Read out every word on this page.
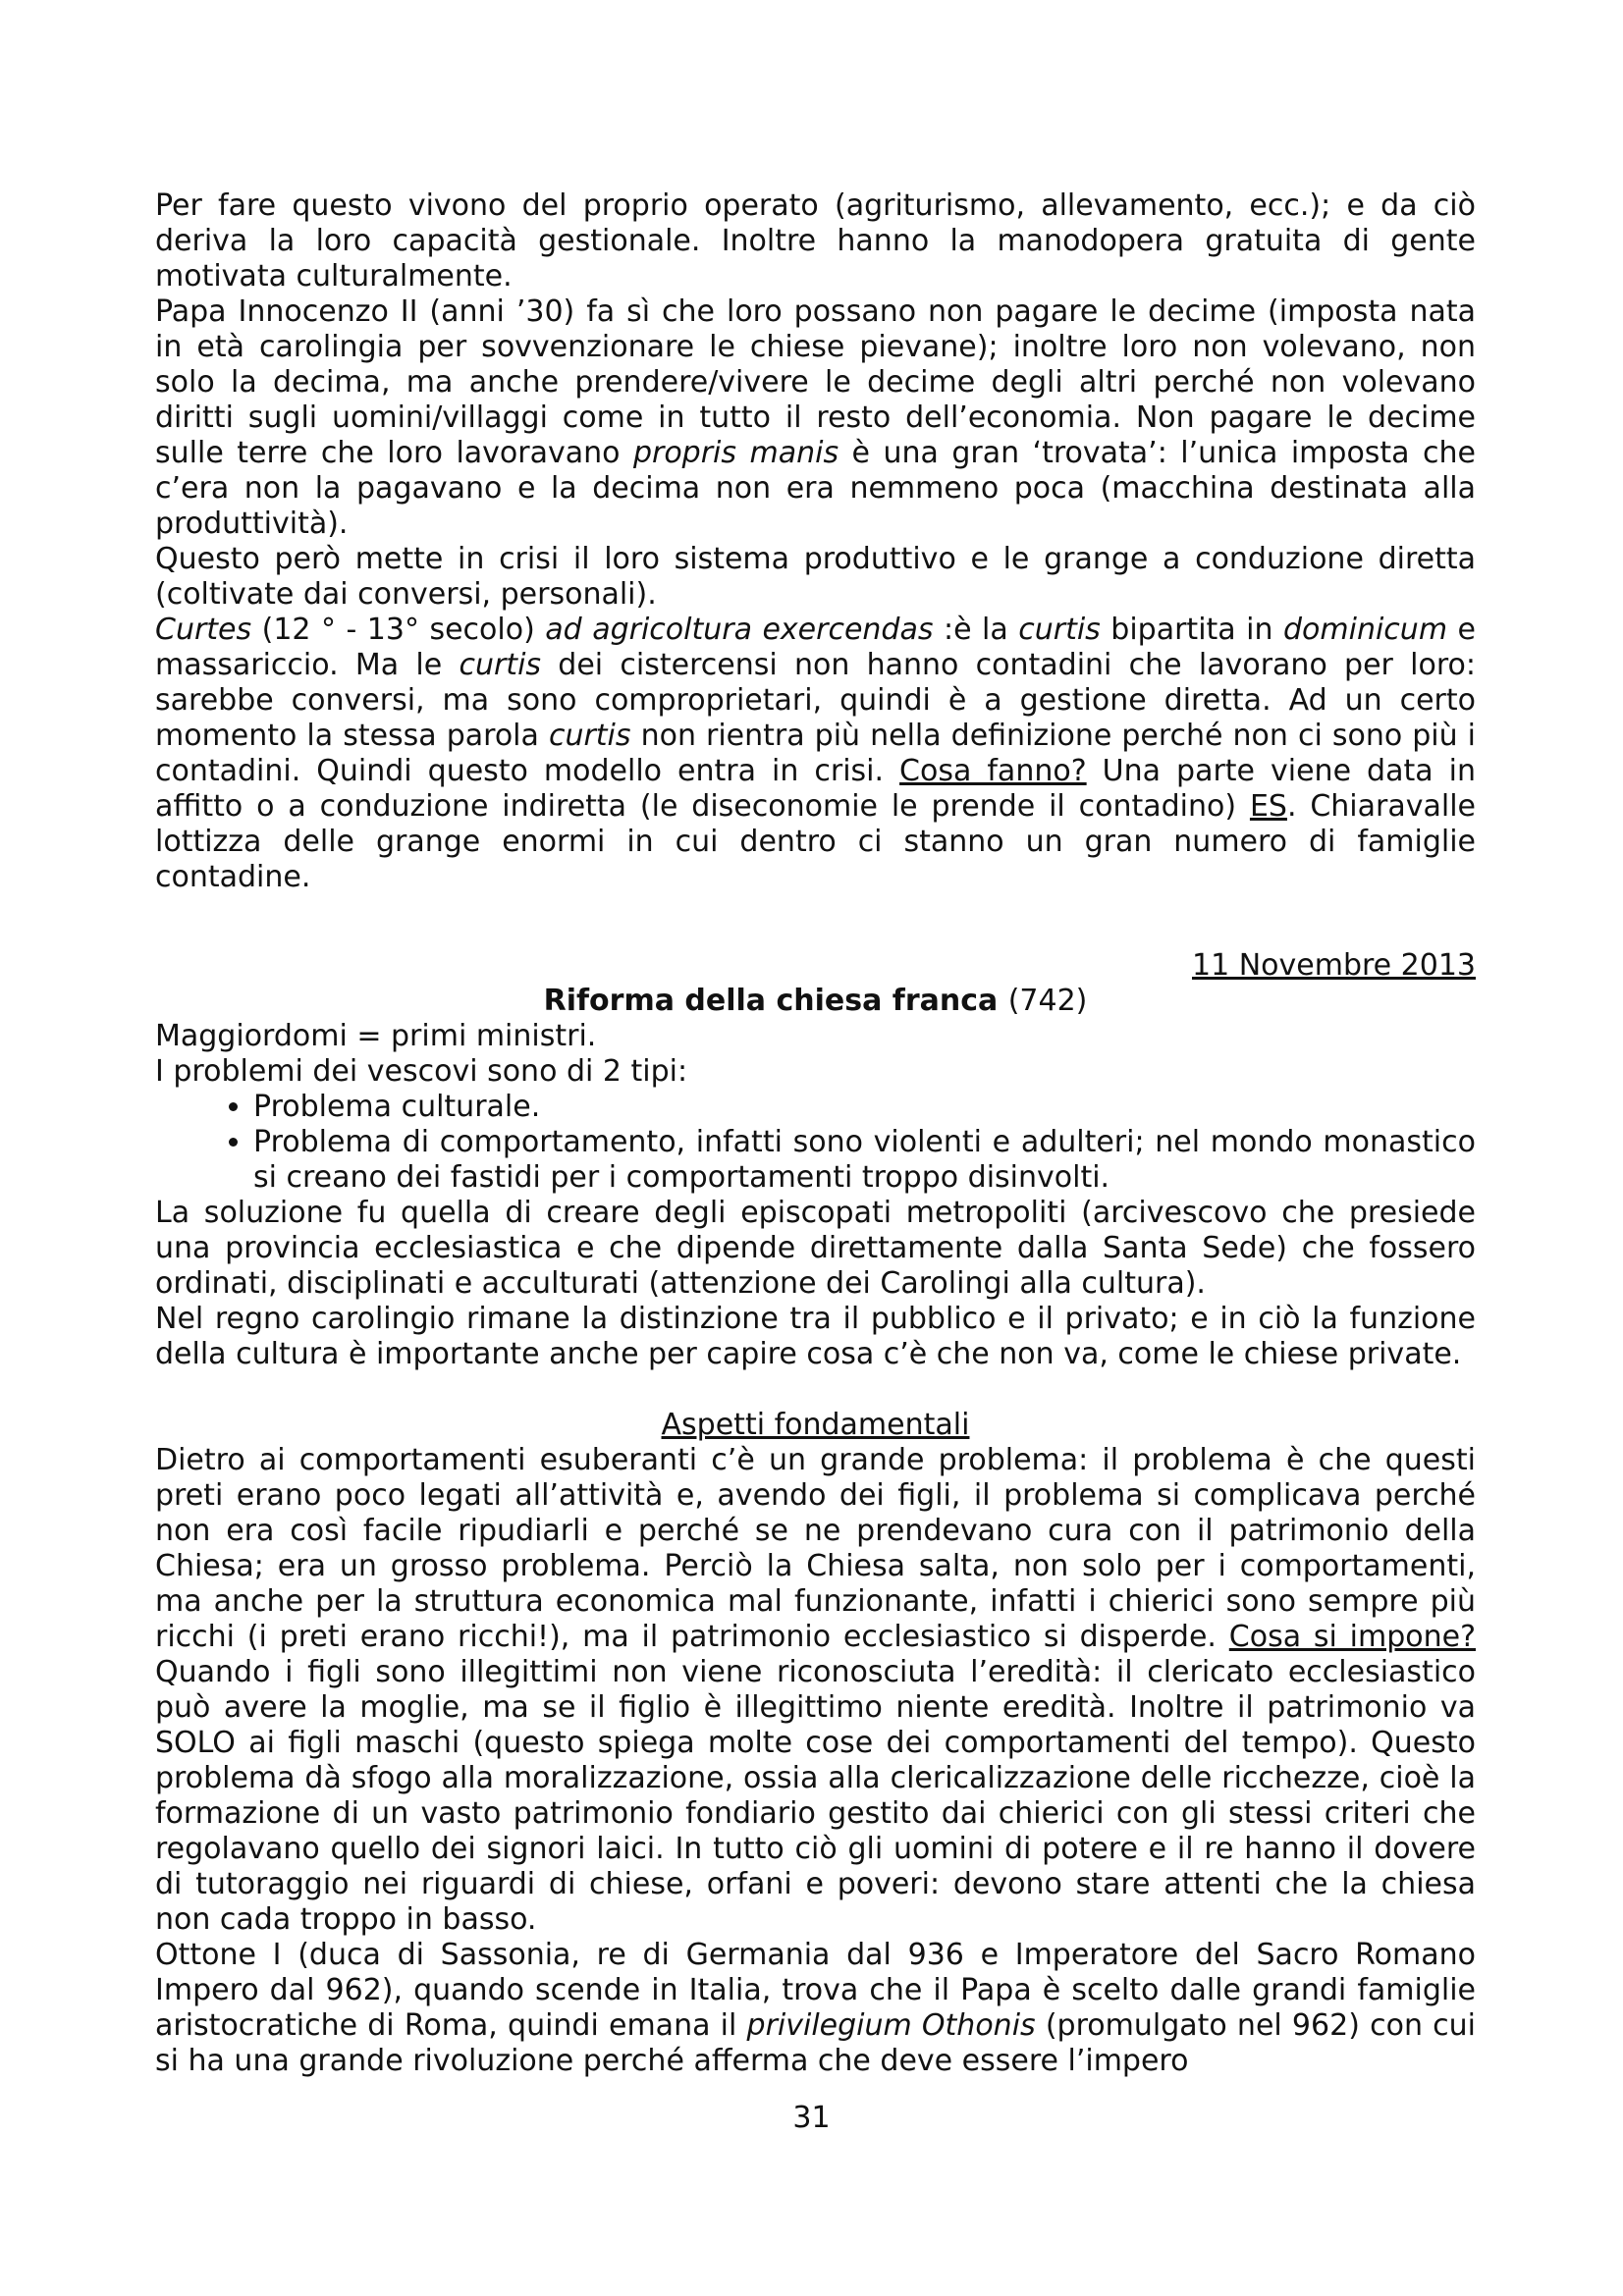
Per fare questo vivono del proprio operato (agriturismo, allevamento, ecc.); e da ciò deriva la loro capacità gestionale. Inoltre hanno la manodopera gratuita di gente motivata culturalmente.

Papa Innocenzo II (anni ’30) fa sì che loro possano non pagare le decime (imposta nata in età carolingia per sovvenzionare le chiese pievane); inoltre loro non volevano, non solo la decima, ma anche prendere/vivere le decime degli altri perché non volevano diritti sugli uomini/villaggi come in tutto il resto dell’economia. Non pagare le decime sulle terre che loro lavoravano propris manis è una gran ‘trovata’: l’unica imposta che c’era non la pagavano e la decima non era nemmeno poca (macchina destinata alla produttività).

Questo però mette in crisi il loro sistema produttivo e le grange a conduzione diretta (coltivate dai conversi, personali).

Curtes (12 ° - 13° secolo) ad agricoltura exercendas :è la curtis bipartita in dominicum e massariccio. Ma le curtis dei cistercensi non hanno contadini che lavorano per loro: sarebbe conversi, ma sono comproprietari, quindi è a gestione diretta. Ad un certo momento la stessa parola curtis non rientra più nella definizione perché non ci sono più i contadini. Quindi questo modello entra in crisi. Cosa fanno? Una parte viene data in affitto o a conduzione indiretta (le diseconomie le prende il contadino) ES. Chiaravalle lottizza delle grange enormi in cui dentro ci stanno un gran numero di famiglie contadine.

11 Novembre 2013
Riforma della chiesa franca (742)

Maggiordomi = primi ministri.

I problemi dei vescovi sono di 2 tipi:

• Problema culturale.
• Problema di comportamento, infatti sono violenti e adulteri; nel mondo monastico si creano dei fastidi per i comportamenti troppo disinvolti.

La soluzione fu quella di creare degli episcopati metropoliti (arcivescovo che presiede una provincia ecclesiastica e che dipende direttamente dalla Santa Sede) che fossero ordinati, disciplinati e acculturati (attenzione dei Carolingi alla cultura).

Nel regno carolingio rimane la distinzione tra il pubblico e il privato; e in ciò la funzione della cultura è importante anche per capire cosa c’è che non va, come le chiese private.

Aspetti fondamentali

Dietro ai comportamenti esuberanti c’è un grande problema: il problema è che questi preti erano poco legati all’attività e, avendo dei figli, il problema si complicava perché non era così facile ripudiarli e perché se ne prendevano cura con il patrimonio della Chiesa; era un grosso problema. Perciò la Chiesa salta, non solo per i comportamenti, ma anche per la struttura economica mal funzionante, infatti i chierici sono sempre più ricchi (i preti erano ricchi!), ma il patrimonio ecclesiastico si disperde. Cosa si impone? Quando i figli sono illegittimi non viene riconosciuta l’eredità: il clericato ecclesiastico può avere la moglie, ma se il figlio è illegittimo niente eredità. Inoltre il patrimonio va SOLO ai figli maschi (questo spiega molte cose dei comportamenti del tempo). Questo problema dà sfogo alla moralizzazione, ossia alla clericalizzazione delle ricchezze, cioè la formazione di un vasto patrimonio fondiario gestito dai chierici con gli stessi criteri che regolavano quello dei signori laici. In tutto ciò gli uomini di potere e il re hanno il dovere di tutoraggio nei riguardi di chiese, orfani e poveri: devono stare attenti che la chiesa non cada troppo in basso.

Ottone I (duca di Sassonia, re di Germania dal 936 e Imperatore del Sacro Romano Impero dal 962), quando scende in Italia, trova che il Papa è scelto dalle grandi famiglie aristocratiche di Roma, quindi emana il privilegium Othonis (promulgato nel 962) con cui si ha una grande rivoluzione perché afferma che deve essere l’impero

31
